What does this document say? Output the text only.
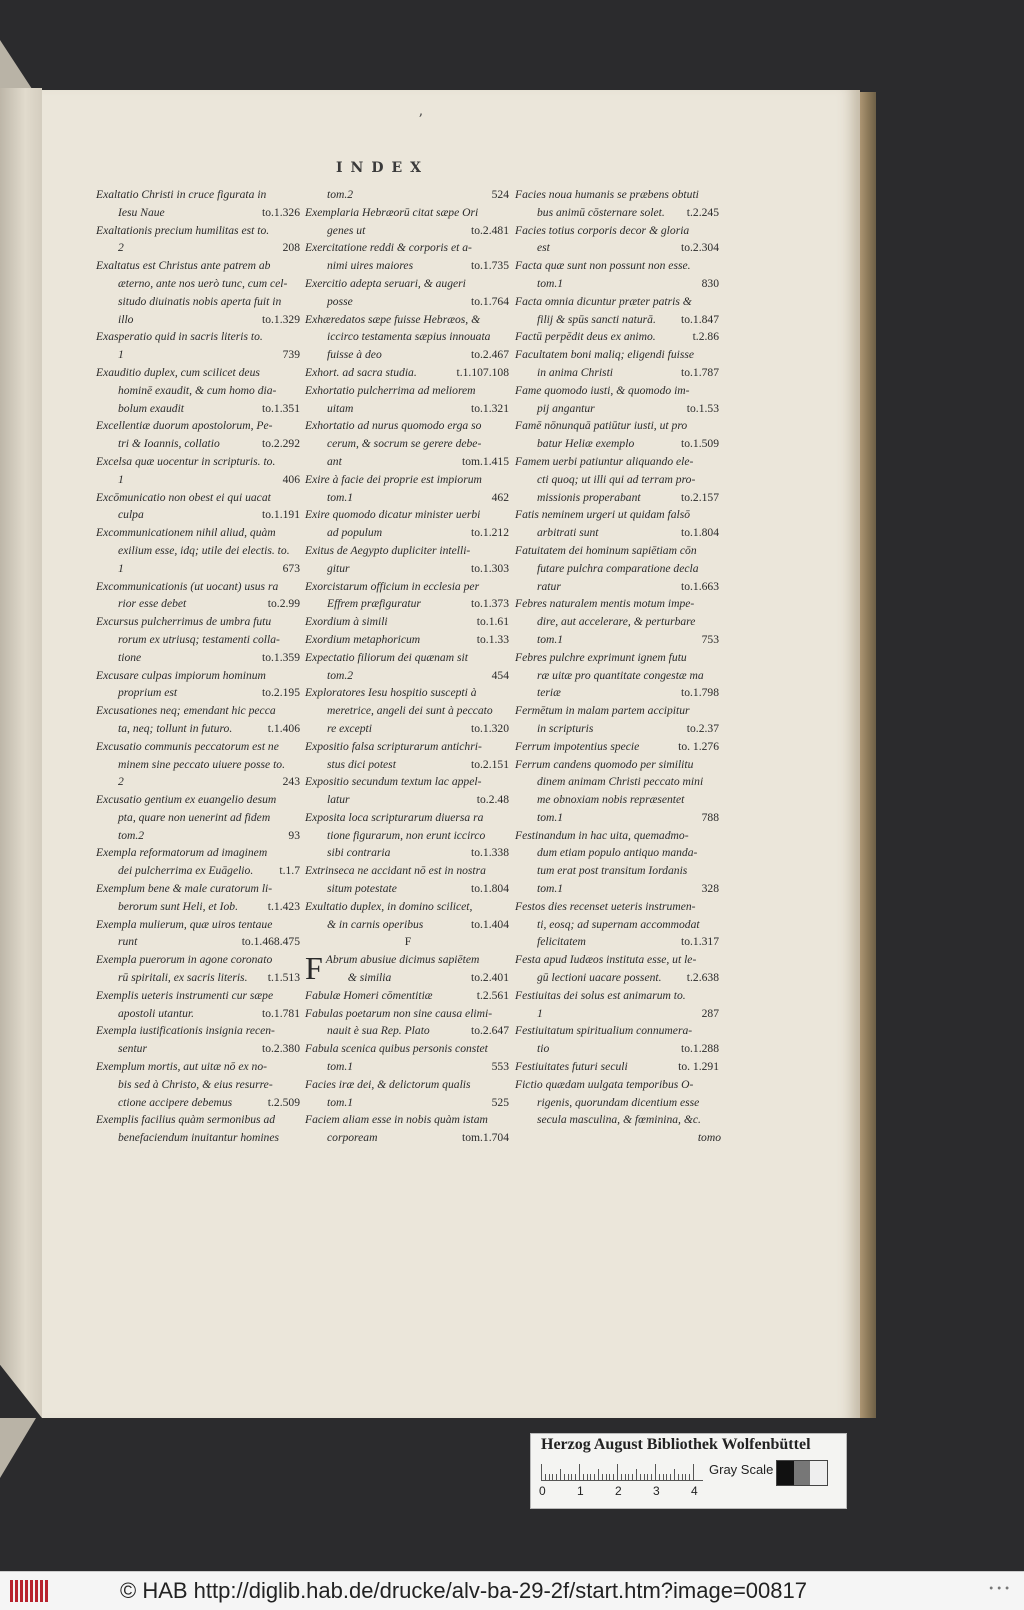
ʼ
INDEX
Exaltatio Christi in cruce figurata in
Iesu Naue	to.1.326
Exaltationis precium humilitas est to.
2	208
Exaltatus est Christus ante patrem ab
æterno, ante nos uerò tunc, cum cel-
situdo diuinatis nobis aperta fuit in
illo	to.1.329
Exasperatio quid in sacris literis to.
1	739
Exauditio duplex, cum scilicet deus
hominē exaudit, & cum homo dia-
bolum exaudit	to.1.351
Excellentiæ duorum apostolorum, Pe-
tri & Ioannis, collatio	to.2.292
Excelsa quæ uocentur in scripturis. to.
1	406
Excōmunicatio non obest ei qui uacat
culpa	to.1.191
Excommunicationem nihil aliud, quàm
exilium esse, idq; utile dei electis. to.
1	673
Excommunicationis (ut uocant) usus ra
rior esse debet	to.2.99
Excursus pulcherrimus de umbra futu
rorum ex utriusq; testamenti colla-
tione	to.1.359
Excusare culpas impiorum hominum
proprium est	to.2.195
Excusationes neq; emendant hic pecca
ta, neq; tollunt in futuro.	t.1.406
Excusatio communis peccatorum est ne
minem sine peccato uiuere posse to.
2	243
Excusatio gentium ex euangelio desum
pta, quare non uenerint ad fidem
tom.2	93
Exempla reformatorum ad imaginem
dei pulcherrima ex Euāgelio. t.1.7
Exemplum bene & male curatorum li-
berorum sunt Heli, et Iob.	t.1.423
Exempla mulierum, quæ uiros tentaue
runt	to.1.468.475
Exempla puerorum in agone coronato
rū spiritali, ex sacris literis. t.1.513
Exemplis ueteris instrumenti cur sæpe
apostoli utantur.	to.1.781
Exempla iustificationis insignia recen-
sentur	to.2.380
Exemplum mortis, aut uitæ nō ex no-
bis sed à Christo, & eius resurre-
ctione accipere debemus	t.2.509
Exemplis facilius quàm sermonibus ad
benefaciendum inuitantur homines
tom.2	524
Exemplaria Hebræorū citat sæpe Ori
genes ut	to.2.481
Exercitatione reddi & corporis et a-
nimi uires maiores	to.1.735
Exercitio adepta seruari, & augeri
posse	to.1.764
Exhæredatos sæpe fuisse Hebræos, &
iccirco testamenta sæpius innouata
fuisse à deo	to.2.467
Exhort. ad sacra studia.	t.1.107.108
Exhortatio pulcherrima ad meliorem
uitam	to.1.321
Exhortatio ad nurus quomodo erga so
cerum, & socrum se gerere debe-
ant	tom.1.415
Exire à facie dei proprie est impiorum
tom.1	462
Exire quomodo dicatur minister uerbi
ad populum	to.1.212
Exitus de Aegypto dupliciter intelli-
gitur	to.1.303
Exorcistarum officium in ecclesia per
Effrem præfiguratur	to.1.373
Exordium à simili	to.1.61
Exordium metaphoricum	to.1.33
Expectatio filiorum dei quænam sit
tom.2	454
Exploratores Iesu hospitio suscepti à
meretrice, angeli dei sunt à peccato
re excepti	to.1.320
Expositio falsa scripturarum antichri-
stus dici potest	to.2.151
Expositio secundum textum lac appel-
latur	to.2.48
Exposita loca scripturarum diuersa ra
tione figurarum, non erunt iccirco
sibi contraria	to.1.338
Extrinseca ne accidant nō est in nostra
situm potestate	to.1.804
Exultatio duplex, in domino scilicet,
& in carnis operibus	to.1.404
F
F Abrum abusiue dicimus sapiētem
& similia	to.2.401
Fabulæ Homeri cōmentitiæ	t.2.561
Fabulas poetarum non sine causa elimi-
nauit è sua Rep. Plato	to.2.647
Fabula scenica quibus personis constet
tom.1	553
Facies iræ dei, & delictorum qualis
tom.1	525
Faciem aliam esse in nobis quàm istam
corpoream	tom.1.704
Facies noua humanis se præbens obtuti
bus animū cōsternare solet. t.2.245
Facies totius corporis decor & gloria
est	to.2.304
Facta quæ sunt non possunt non esse.
tom.1	830
Facta omnia dicuntur præter patris &
filij & spūs sancti naturā. to.1.847
Factū perpēdit deus ex animo.	t.2.86
Facultatem boni maliq; eligendi fuisse
in anima Christi	to.1.787
Fame quomodo iusti, & quomodo im-
pij angantur	to.1.53
Famē nōnunquā patiūtur iusti, ut pro
batur Heliæ exemplo	to.1.509
Famem uerbi patiuntur aliquando ele-
cti quoq; ut illi qui ad terram pro-
missionis properabant	to.2.157
Fatis neminem urgeri ut quidam falsō
arbitrati sunt	to.1.804
Fatuitatem dei hominum sapiētiam cōn
futare pulchra comparatione decla
ratur	to.1.663
Febres naturalem mentis motum impe-
dire, aut accelerare, & perturbare
tom.1	753
Febres pulchre exprimunt ignem futu
ræ uitæ pro quantitate congestæ ma
teriæ	to.1.798
Fermētum in malam partem accipitur
in scripturis	to.2.37
Ferrum impotentius specie	to. 1.276
Ferrum candens quomodo per similitu
dinem animam Christi peccato mini
me obnoxiam nobis repræsentet
tom.1	788
Festinandum in hac uita, quemadmo-
dum etiam populo antiquo manda-
tum erat post transitum Iordanis
tom.1	328
Festos dies recenset ueteris instrumen-
ti, eosq; ad supernam accommodat
felicitatem	to.1.317
Festa apud Iudæos instituta esse, ut le-
gū lectioni uacare possent. t.2.638
Festiuitas dei solus est animarum to.
1	287
Festiuitatum spiritualium connumera-
tio	to.1.288
Festiuitates futuri seculi	to. 1.291
Fictio quædam uulgata temporibus O-
rigenis, quorundam dicentium esse
secula masculina, & fœminina, &c.
tomo
Herzog August Bibliothek Wolfenbüttel
0	1	2	3	4
Gray Scale
© HAB http://diglib.hab.de/drucke/alv-ba-29-2f/start.htm?image=00817	•••
